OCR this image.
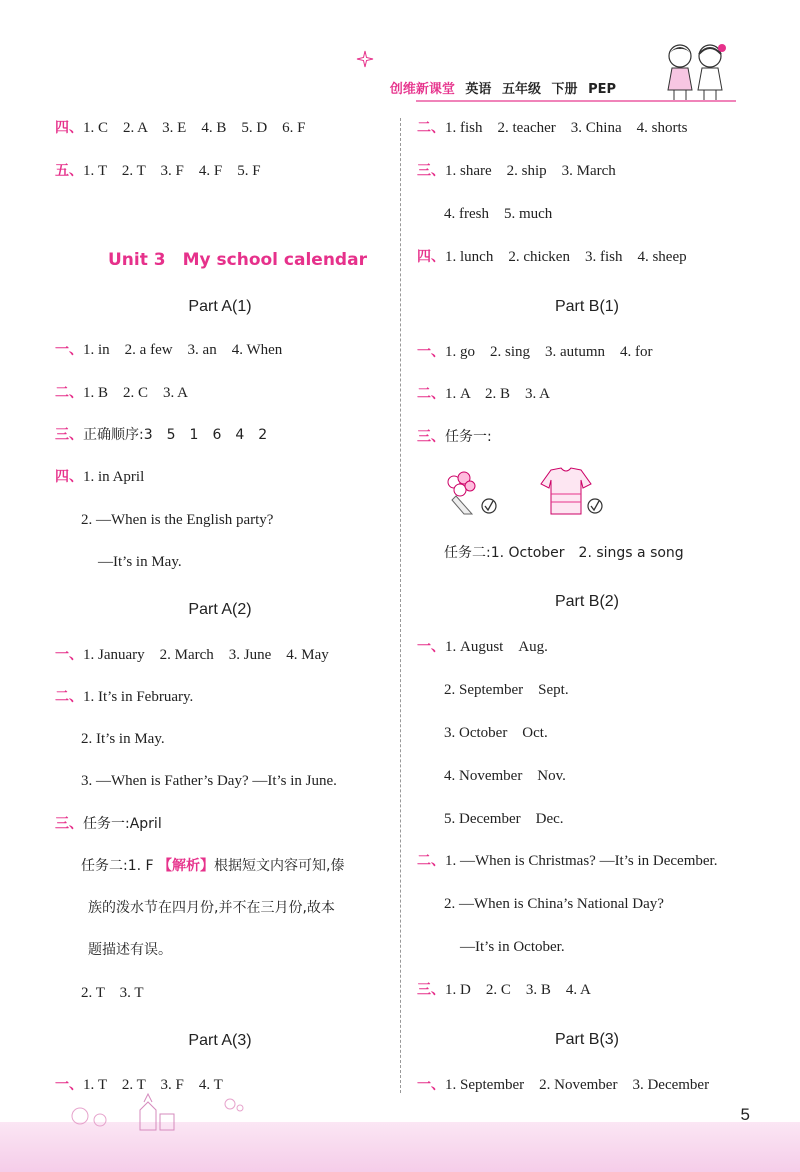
创维新课堂 英语 五年级 下册 PEP
四、1. C　2. A　3. E　4. B　5. D　6. F
五、1. T　2. T　3. F　4. F　5. F
Unit 3　My school calendar
Part A(1)
一、1. in　2. a few　3. an　4. When
二、1. B　2. C　3. A
三、正确顺序:3　5　1　6　4　2
四、1. in April
2. —When is the English party?
—It’s in May.
Part A(2)
一、1. January　2. March　3. June　4. May
二、1. It’s in February.
2. It’s in May.
3. —When is Father’s Day? —It’s in June.
三、任务一:April
任务二:1. F 【解析】根据短文内容可知,傣
族的泼水节在四月份,并不在三月份,故本
题描述有误。
2. T　3. T
Part A(3)
一、1. T　2. T　3. F　4. T
二、1. fish　2. teacher　3. China　4. shorts
三、1. share　2. ship　3. March
4. fresh　5. much
四、1. lunch　2. chicken　3. fish　4. sheep
Part B(1)
一、1. go　2. sing　3. autumn　4. for
二、1. A　2. B　3. A
三、任务一:
任务二:1. October　2. sings a song
Part B(2)
一、1. August　Aug.
2. September　Sept.
3. October　Oct.
4. November　Nov.
5. December　Dec.
二、1. —When is Christmas? —It’s in December.
2. —When is China’s National Day?
—It’s in October.
三、1. D　2. C　3. B　4. A
Part B(3)
一、1. September　2. November　3. December
5
